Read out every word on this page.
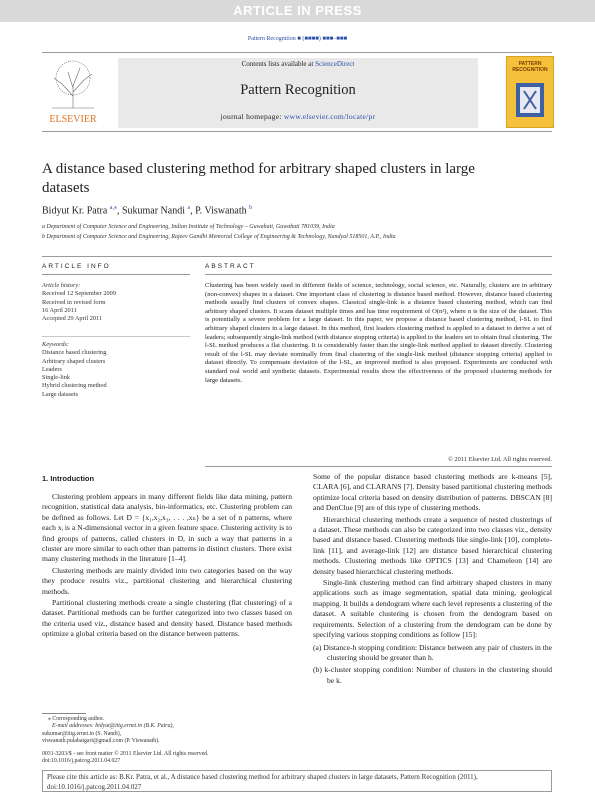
ARTICLE IN PRESS
Pattern Recognition ■ (■■■■) ■■■–■■■
ELSEVIER
Contents lists available at ScienceDirect
Pattern Recognition
journal homepage: www.elsevier.com/locate/pr
PATTERN RECOGNITION
A distance based clustering method for arbitrary shaped clusters in large datasets
Bidyut Kr. Patra $^{a,⁎}$, Sukumar Nandi $^a$, P. Viswanath $^b$
a Department of Computer Science and Engineering, Indian Institute of Technology – Guwahati, Guwahati 781039, India
b Department of Computer Science and Engineering, Rajeev Gandhi Memorial College of Engineering & Technology, Nandyal 518501, A.P., India
ARTICLE INFO
Article history:
Received 12 September 2009
Received in revised form
16 April 2011
Accepted 29 April 2011
Keywords:
Distance based clustering
Arbitrary shaped clusters
Leaders
Single-link
Hybrid clustering method
Large datasets
ABSTRACT
Clustering has been widely used in different fields of science, technology, social science, etc. Naturally, clusters are in arbitrary (non-convex) shapes in a dataset. One important class of clustering is distance based method. However, distance based clustering methods usually find clusters of convex shapes. Classical single-link is a distance based clustering method, which can find arbitrary shaped clusters. It scans dataset multiple times and has time requirement of O(n²), where n is the size of the dataset. This is potentially a severe problem for a large dataset. In this paper, we propose a distance based clustering method, l-SL to find arbitrary shaped clusters in a large dataset. In this method, first leaders clustering method is applied to a dataset to derive a set of leaders; subsequently single-link method (with distance stopping criteria) is applied to the leaders set to obtain final clustering. The l-SL method produces a flat clustering. It is considerably faster than the single-link method applied to dataset directly. Clustering result of the l-SL may deviate nominally from final clustering of the single-link method (distance stopping criteria) applied to dataset directly. To compensate deviation of the l-SL, an improved method is also proposed. Experiments are conducted with standard real world and synthetic datasets. Experimental results show the effectiveness of the proposed clustering methods for large datasets.
© 2011 Elsevier Ltd. All rights reserved.
1. Introduction

Clustering problem appears in many different fields like data mining, pattern recognition, statistical data analysis, bio-informatics, etc. Clustering problem can be defined as follows. Let D = {x₁,x₂,x₃, . . . ,xₙ} be a set of n patterns, where each xᵢ is a N-dimensional vector in a given feature space. Clustering activity is to find groups of patterns, called clusters in D, in such a way that patterns in a cluster are more similar to each other than patterns in distinct clusters. There exist many clustering methods in the literature [1–4].

Clustering methods are mainly divided into two categories based on the way they produce results viz., partitional clustering and hierarchical clustering methods.

Partitional clustering methods create a single clustering (flat clustering) of a dataset. Partitional methods can be further categorized into two classes based on the criteria used viz., distance based and density based. Distance based methods optimize a global criteria based on the distance between patterns.

Some of the popular distance based clustering methods are k-means [5], CLARA [6], and CLARANS [7]. Density based partitional clustering methods optimize local criteria based on density distribution of patterns. DBSCAN [8] and DenClue [9] are of this type of clustering methods.

Hierarchical clustering methods create a sequence of nested clusterings of a dataset. These methods can also be categorized into two classes viz., density based and distance based. Clustering methods like single-link [10], complete-link [11], and average-link [12] are distance based hierarchical clustering methods. Clustering methods like OPTICS [13] and Chameleon [14] are density based hierarchical clustering methods.

Single-link clustering method can find arbitrary shaped clusters in many applications such as image segmentation, spatial data mining, geological mapping. It builds a dendogram where each level represents a clustering of the dataset. A suitable clustering is chosen from the dendogram based on requirements. Selection of a clustering from the dendogram can be done by specifying various stopping conditions as follow [15]:

(a) Distance-h stopping condition: Distance between any pair of clusters in the clustering should be greater than h.
(b) k-cluster stopping condition: Number of clusters in the clustering should be k.
⁎ Corresponding author.
E-mail addresses: bidyut@iitg.ernet.in (B.K. Patra),
sukumar@iitg.ernet.in (S. Nandi),
viswanath.pulabaigari@gmail.com (P. Viswanath).
0031-3203/$ - see front matter © 2011 Elsevier Ltd. All rights reserved.
doi:10.1016/j.patcog.2011.04.027
Please cite this article as: B.Kr. Patra, et al., A distance based clustering method for arbitrary shaped clusters in large datasets, Pattern Recognition (2011), doi:10.1016/j.patcog.2011.04.027
